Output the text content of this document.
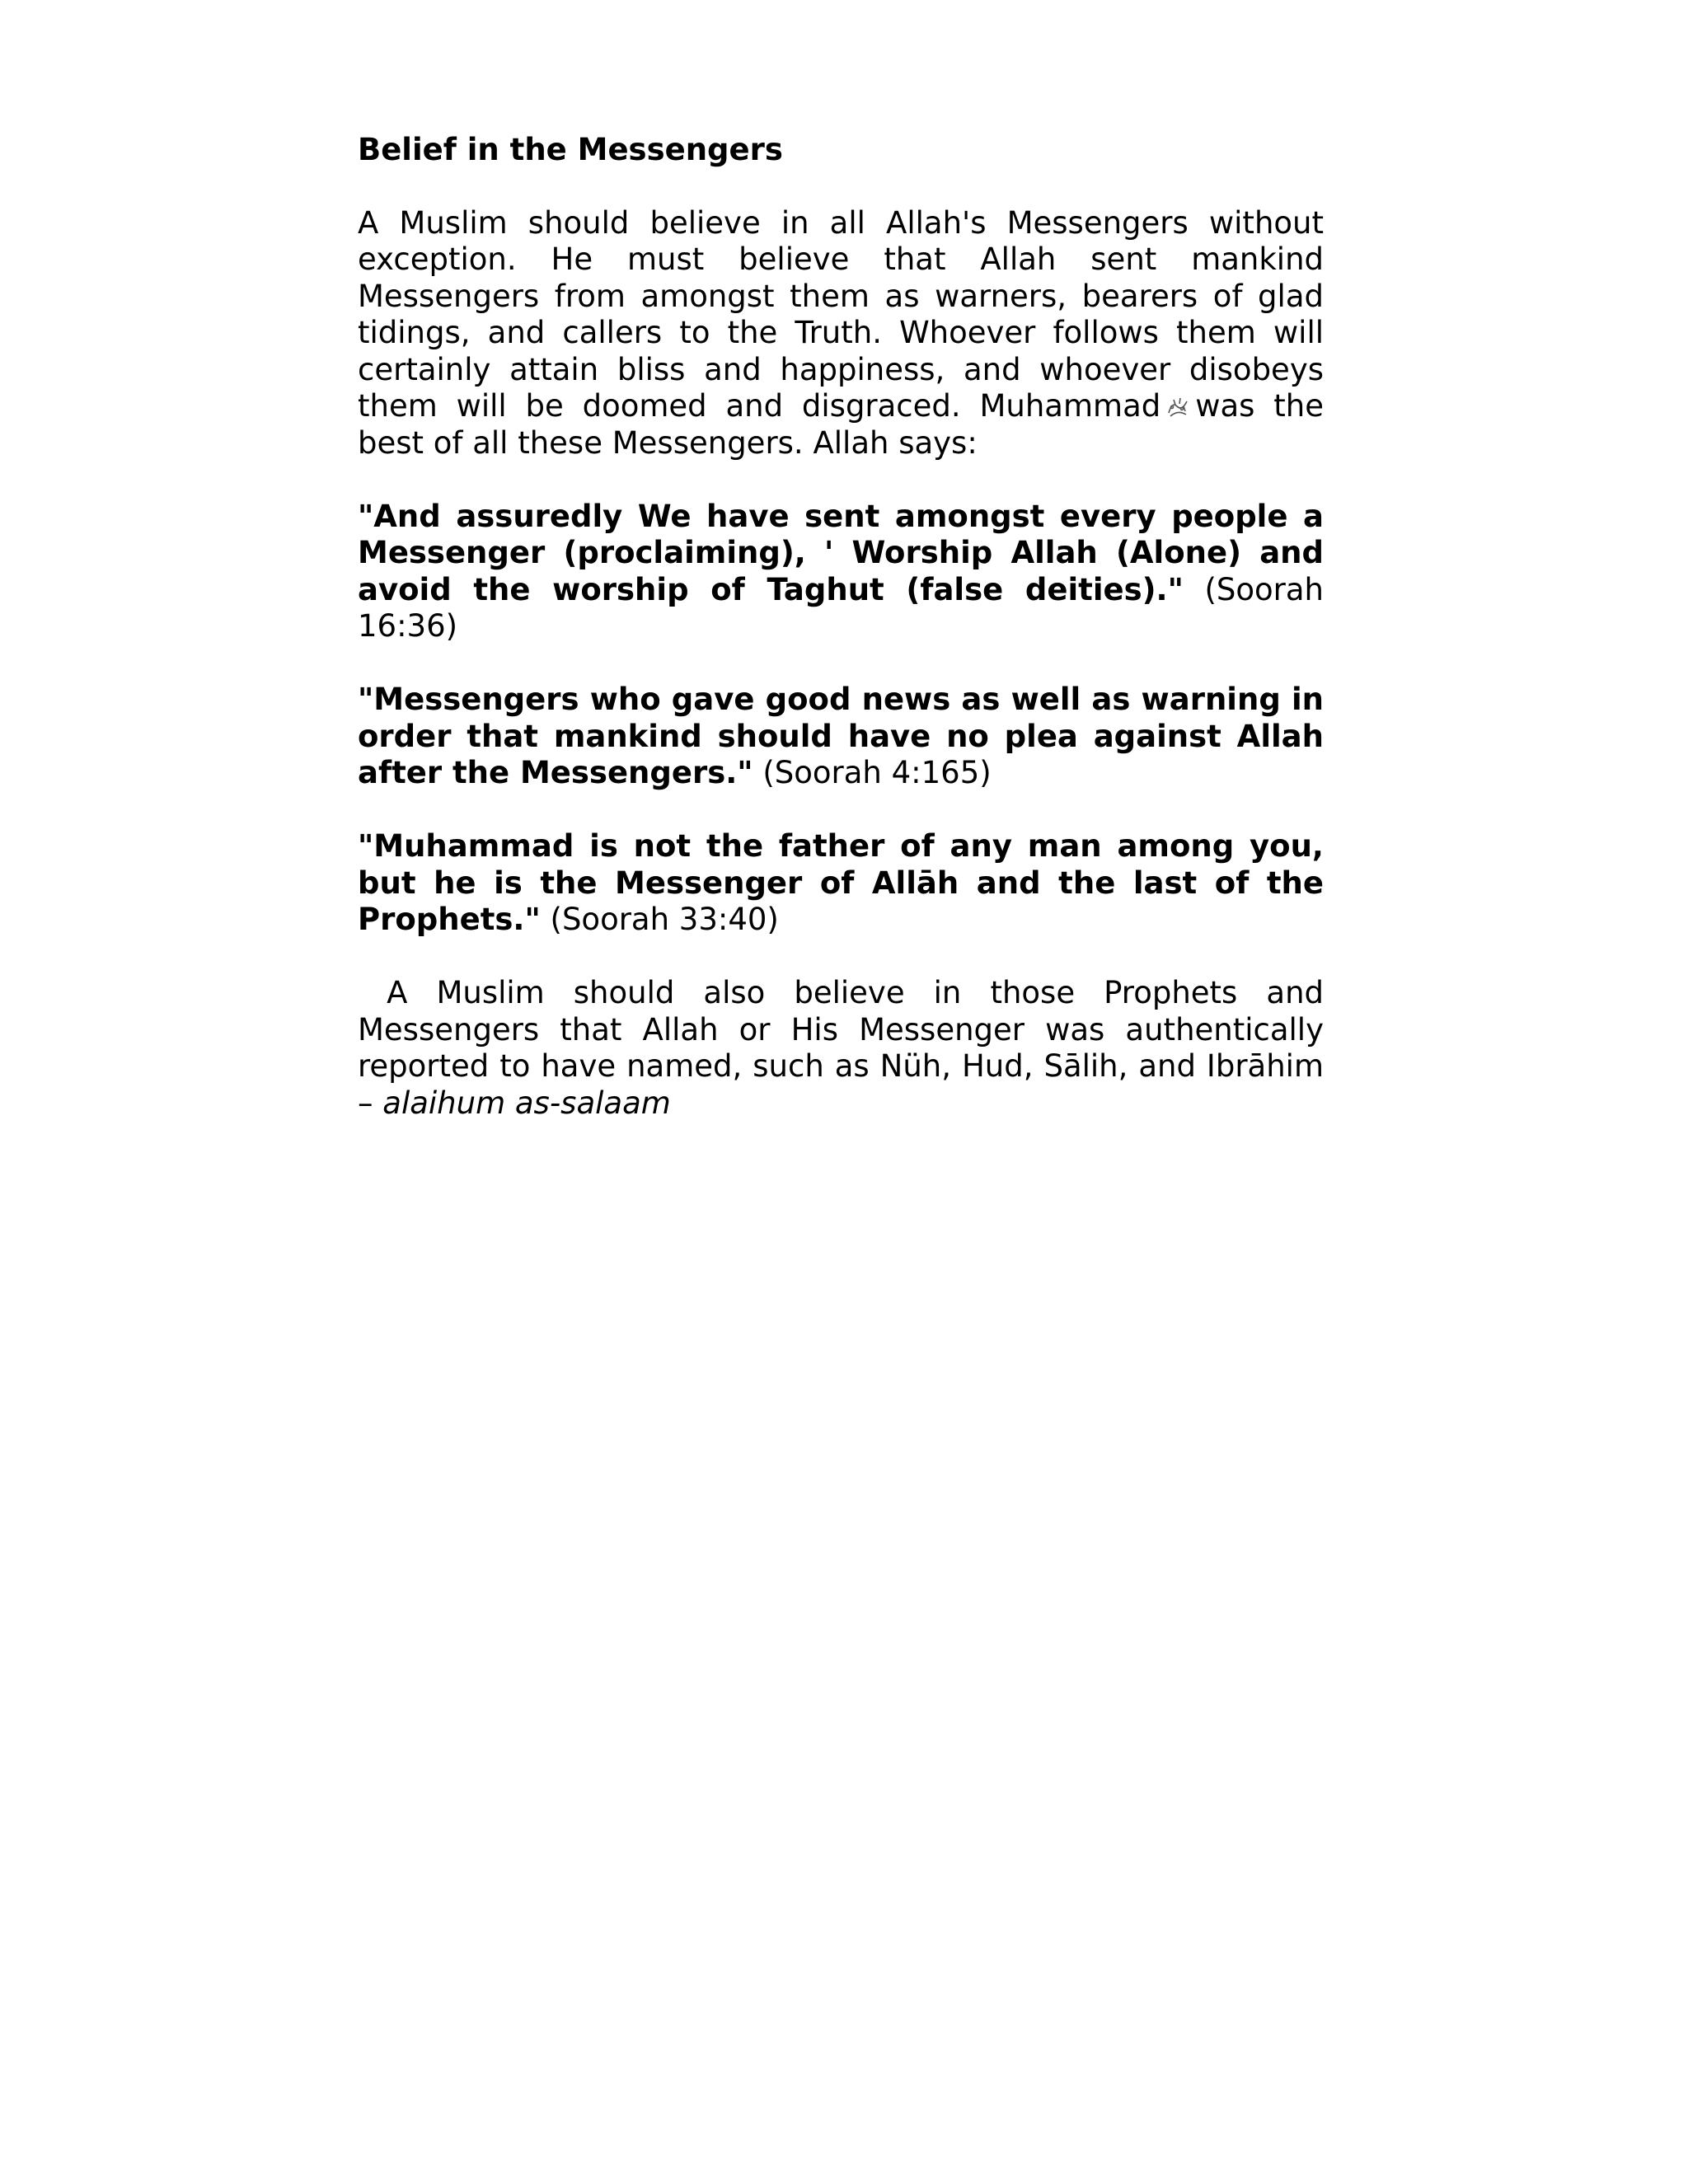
Belief in the Messengers

A Muslim should believe in all Allah's Messengers without exception. He must believe that Allah sent mankind Messengers from amongst them as warners, bearers of glad tidings, and callers to the Truth. Whoever follows them will certainly attain bliss and happiness, and whoever disobeys them will be doomed and disgraced. Muhammad was the best of all these Messengers. Allah says:

"And assuredly We have sent amongst every people a Messenger (proclaiming), ' Worship Allah (Alone) and avoid the worship of Taghut (false deities)." (Soorah 16:36)

"Messengers who gave good news as well as warning in order that mankind should have no plea against Allah after the Messengers." (Soorah 4:165)

"Muhammad is not the father of any man among you, but he is the Messenger of Allāh and the last of the Prophets." (Soorah 33:40)

A Muslim should also believe in those Prophets and Messengers that Allah or His Messenger was authentically reported to have named, such as Nüh, Hud, Sālih, and Ibrāhim – alaihum as-salaam
